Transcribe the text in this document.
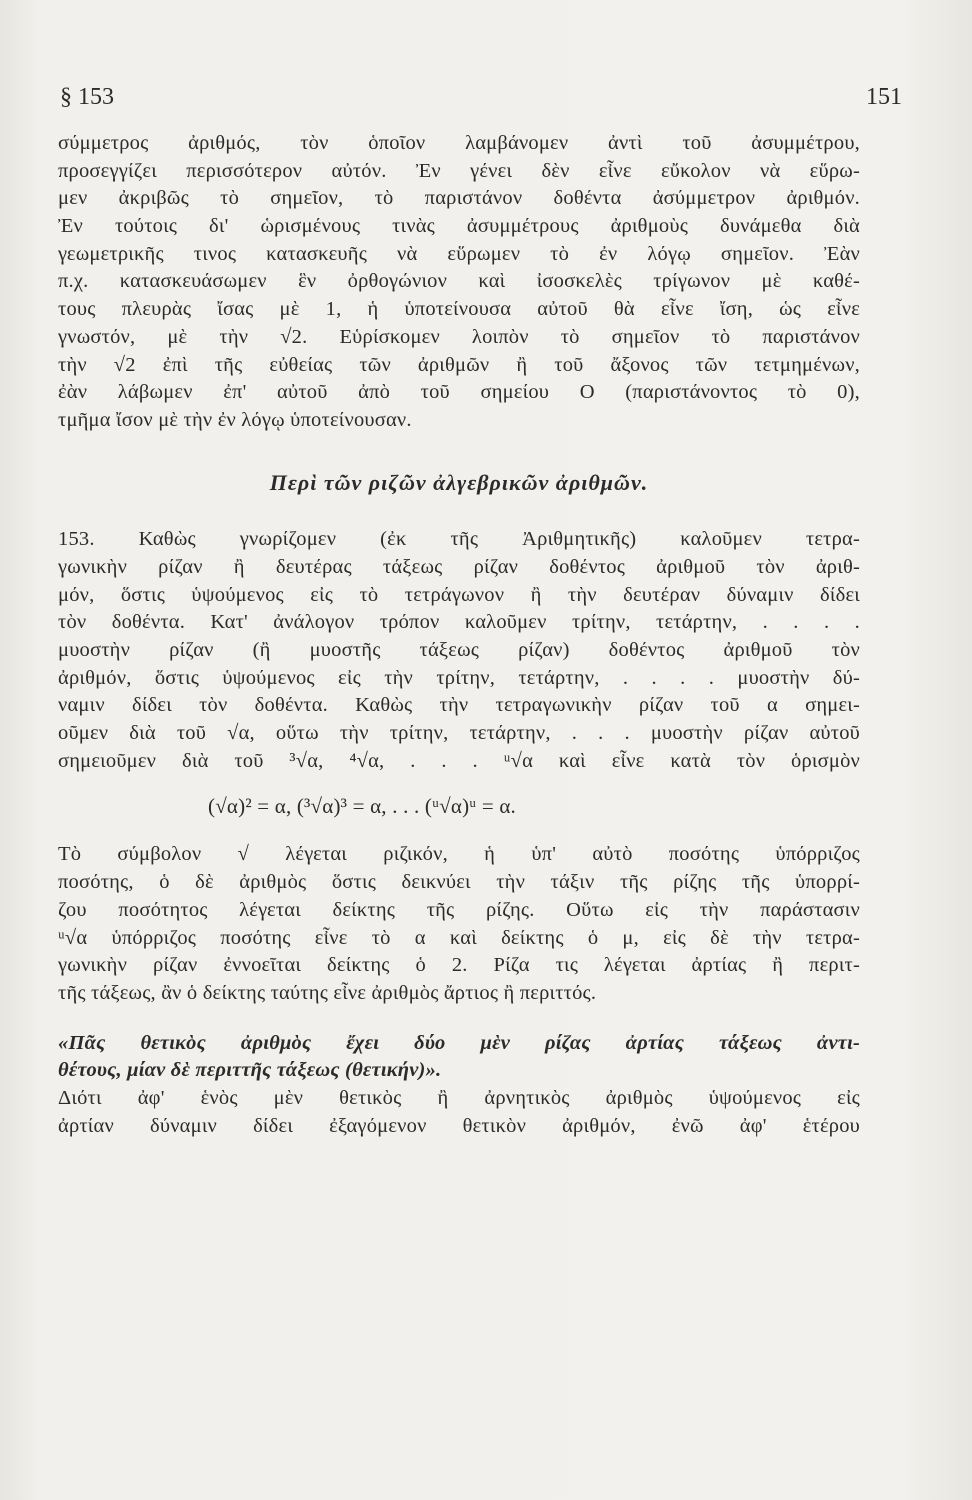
§ 153	151
σύμμετρος ἀριθμός, τὸν ὁποῖον λαμβάνομεν ἀντὶ τοῦ ἀσυμμέτρου,
προσεγγίζει περισσότερον αὐτόν. Ἐν γένει δὲν εἶνε εὔκολον νὰ εὕρω-
μεν ἀκριβῶς τὸ σημεῖον, τὸ παριστάνον δοθέντα ἀσύμμετρον ἀριθμόν.
Ἐν τούτοις δι' ὡρισμένους τινὰς ἀσυμμέτρους ἀριθμοὺς δυνάμεθα διὰ
γεωμετρικῆς τινος κατασκευῆς νὰ εὕρωμεν τὸ ἐν λόγῳ σημεῖον. Ἐὰν
π.χ. κατασκευάσωμεν ἓν ὀρθογώνιον καὶ ἰσοσκελὲς τρίγωνον μὲ καθέ-
τους πλευρὰς ἴσας μὲ 1, ἡ ὑποτείνουσα αὐτοῦ θὰ εἶνε ἴση, ὡς εἶνε
γνωστόν, μὲ τὴν √2. Εὑρίσκομεν λοιπὸν τὸ σημεῖον τὸ παριστάνον
τὴν √2 ἐπὶ τῆς εὐθείας τῶν ἀριθμῶν ἢ τοῦ ἄξονος τῶν τετμημένων,
ἐὰν λάβωμεν ἐπ' αὐτοῦ ἀπὸ τοῦ σημείου Ο (παριστάνοντος τὸ 0),
τμῆμα ἴσον μὲ τὴν ἐν λόγῳ ὑποτείνουσαν.
Περὶ τῶν ριζῶν ἀλγεβρικῶν ἀριθμῶν.
153. Καθὼς γνωρίζομεν (ἐκ τῆς Ἀριθμητικῆς) καλοῦμεν τετρα-
γωνικὴν ρίζαν ἢ δευτέρας τάξεως ρίζαν δοθέντος ἀριθμοῦ τὸν ἀριθ-
μόν, ὅστις ὑψούμενος εἰς τὸ τετράγωνον ἢ τὴν δευτέραν δύναμιν δίδει
τὸν δοθέντα. Κατ' ἀνάλογον τρόπον καλοῦμεν τρίτην, τετάρτην, . . . .
μυοστὴν ρίζαν (ἢ μυοστῆς τάξεως ρίζαν) δοθέντος ἀριθμοῦ τὸν
ἀριθμόν, ὅστις ὑψούμενος εἰς τὴν τρίτην, τετάρτην, . . . . μυοστὴν δύ-
ναμιν δίδει τὸν δοθέντα. Καθὼς τὴν τετραγωνικὴν ρίζαν τοῦ α σημει-
οῦμεν διὰ τοῦ √α, οὕτω τὴν τρίτην, τετάρτην, . . . μυοστὴν ρίζαν αὐτοῦ
σημειοῦμεν διὰ τοῦ ³√α, ⁴√α, . . . ᵘ√α καὶ εἶνε κατὰ τὸν ὁρισμὸν
(√α)² = α, (³√α)³ = α, . . . (ᵘ√α)ᵘ = α.
Τὸ σύμβολον √ λέγεται ριζικόν, ἡ ὑπ' αὐτὸ ποσότης ὑπόρριζος
ποσότης, ὁ δὲ ἀριθμὸς ὅστις δεικνύει τὴν τάξιν τῆς ρίζης τῆς ὑπορρί-
ζου ποσότητος λέγεται δείκτης τῆς ρίζης. Οὕτω εἰς τὴν παράστασιν
ᵘ√α ὑπόρριζος ποσότης εἶνε τὸ α καὶ δείκτης ὁ μ, εἰς δὲ τὴν τετρα-
γωνικὴν ρίζαν ἐννοεῖται δείκτης ὁ 2. Ρίζα τις λέγεται ἀρτίας ἢ περιτ-
τῆς τάξεως, ἂν ὁ δείκτης ταύτης εἶνε ἀριθμὸς ἄρτιος ἢ περιττός.
«Πᾶς θετικὸς ἀριθμὸς ἔχει δύο μὲν ρίζας ἀρτίας τάξεως ἀντι-
θέτους, μίαν δὲ περιττῆς τάξεως (θετικήν)».
Διότι ἀφ' ἑνὸς μὲν θετικὸς ἢ ἀρνητικὸς ἀριθμὸς ὑψούμενος εἰς
ἀρτίαν δύναμιν δίδει ἐξαγόμενον θετικὸν ἀριθμόν, ἐνῶ ἀφ' ἑτέρου
